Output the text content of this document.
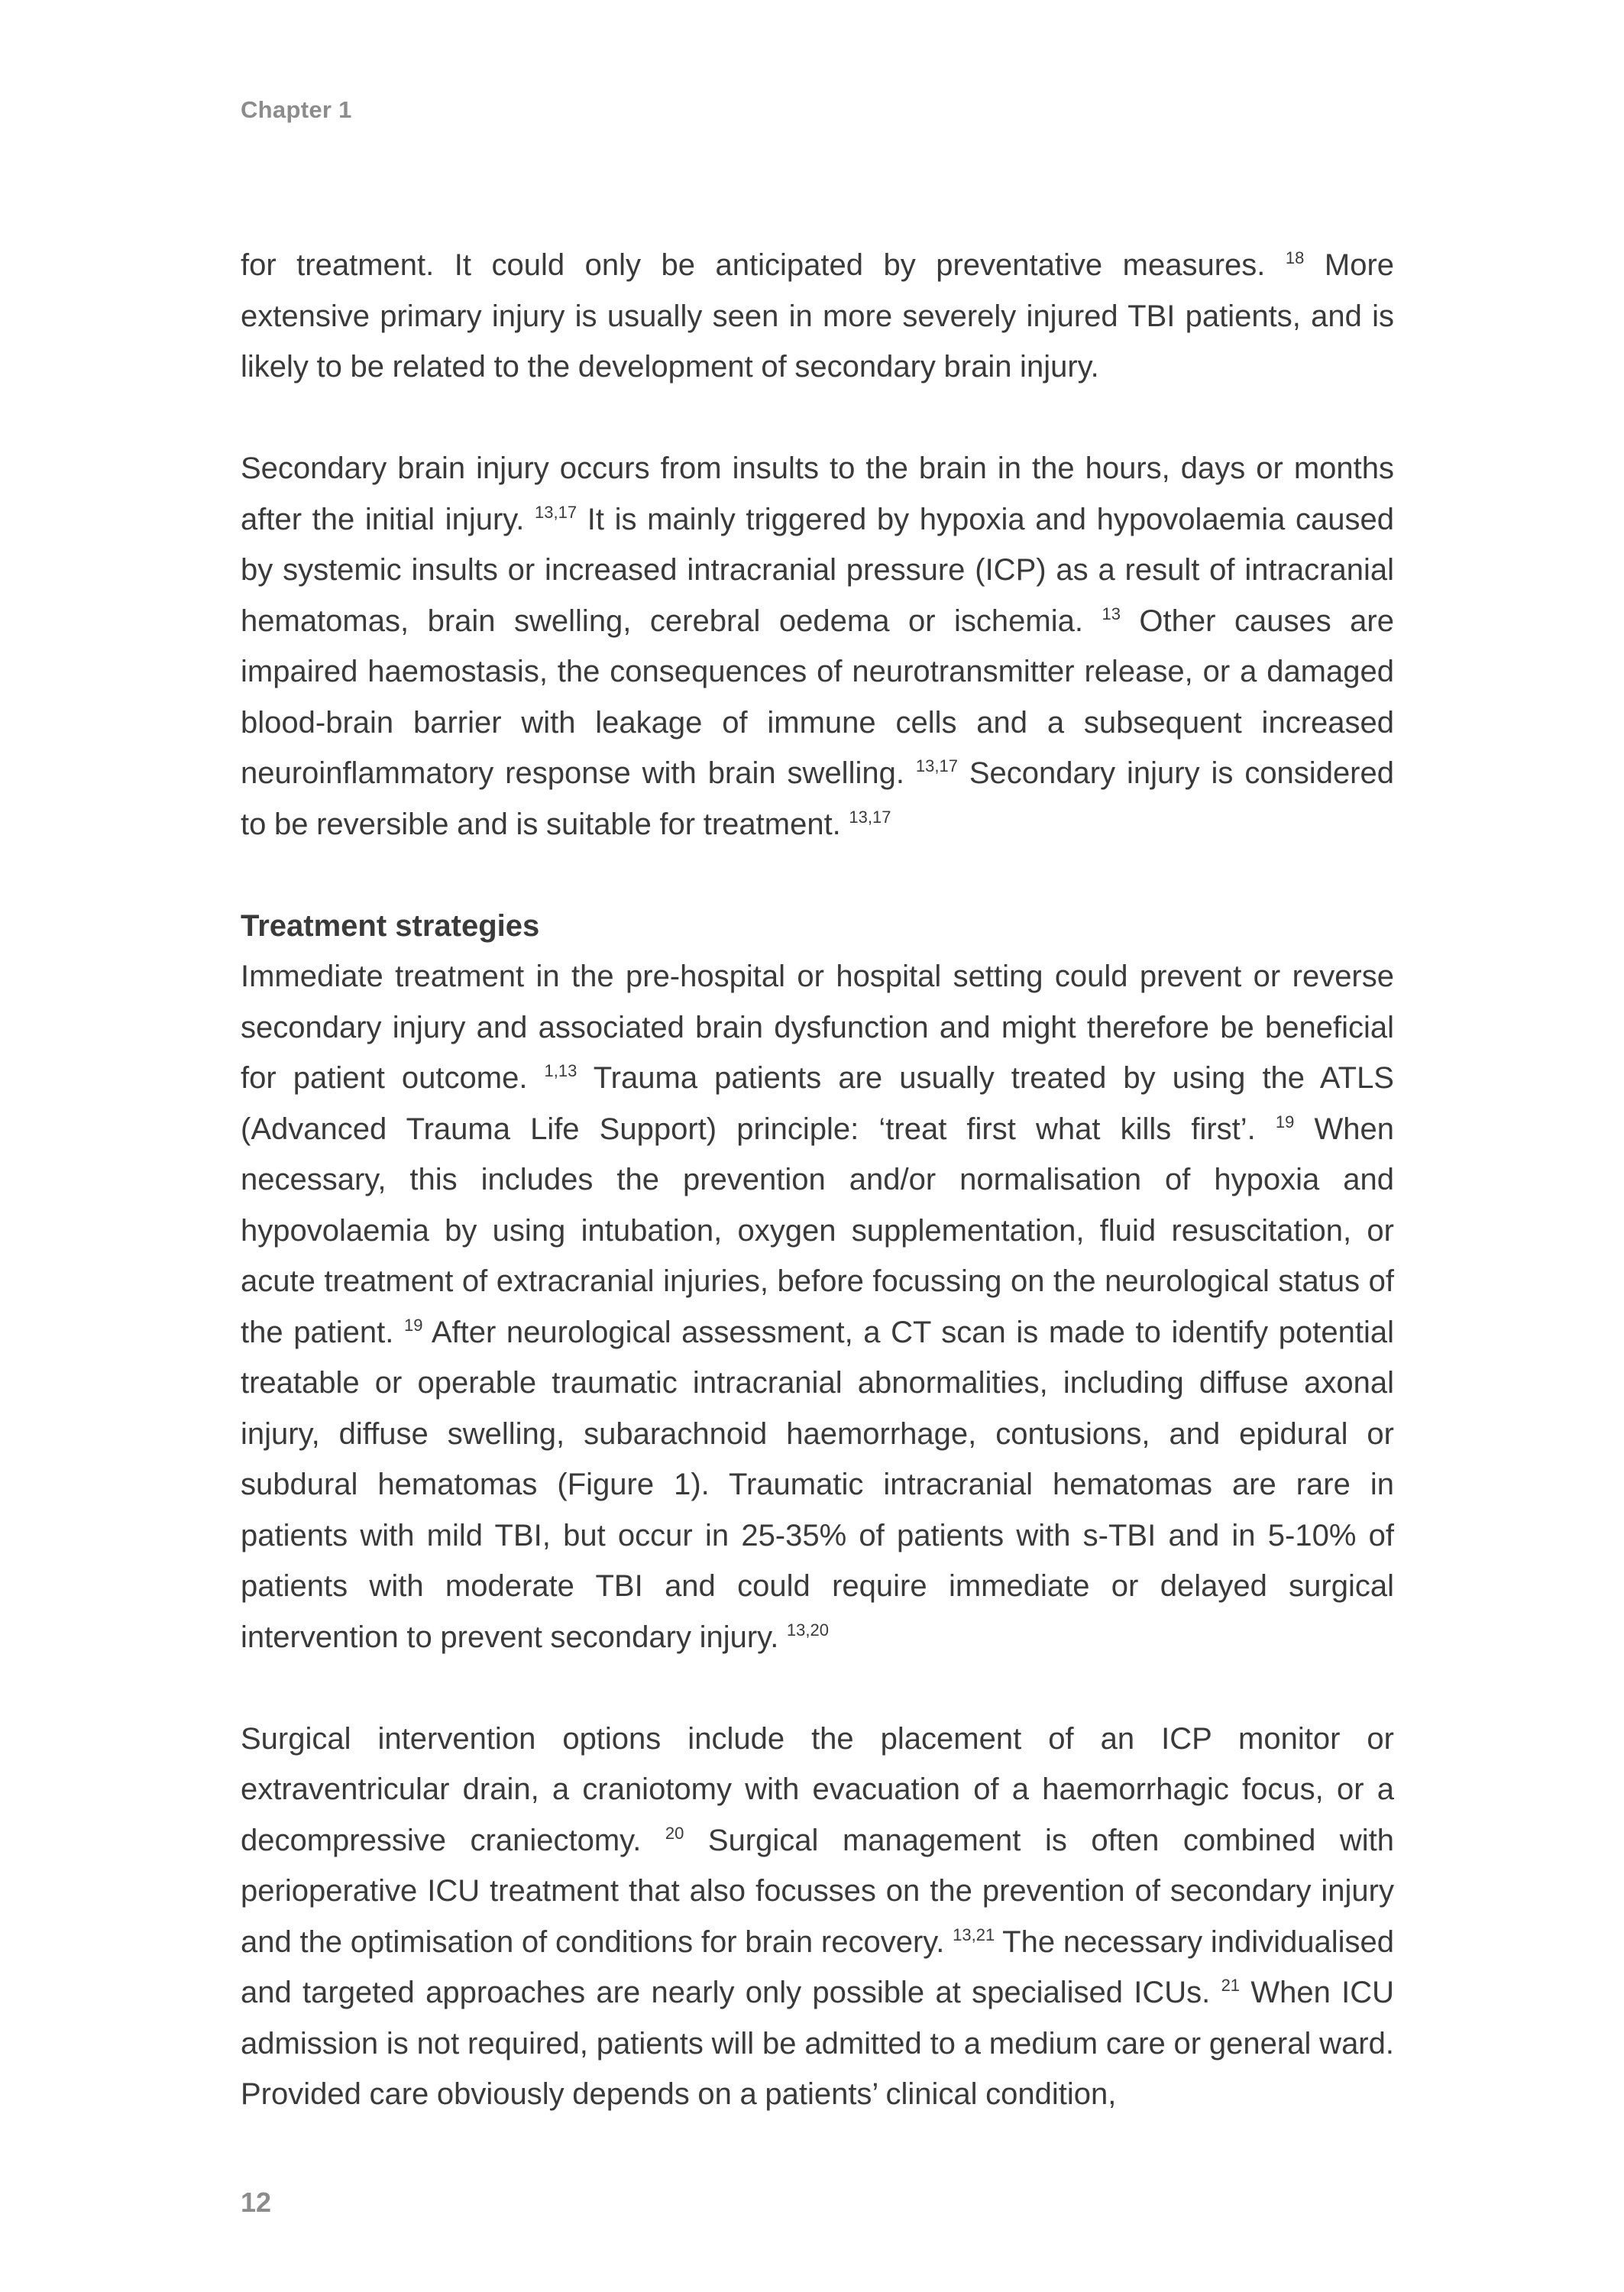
Chapter 1

for treatment. It could only be anticipated by preventative measures. $^{18}$ More extensive primary injury is usually seen in more severely injured TBI patients, and is likely to be related to the development of secondary brain injury.

Secondary brain injury occurs from insults to the brain in the hours, days or months after the initial injury. $^{13,17}$ It is mainly triggered by hypoxia and hypovolaemia caused by systemic insults or increased intracranial pressure (ICP) as a result of intracranial hematomas, brain swelling, cerebral oedema or ischemia. $^{13}$ Other causes are impaired haemostasis, the consequences of neurotransmitter release, or a damaged blood-brain barrier with leakage of immune cells and a subsequent increased neuroinflammatory response with brain swelling. $^{13,17}$ Secondary injury is considered to be reversible and is suitable for treatment. $^{13,17}$

Treatment strategies

Immediate treatment in the pre-hospital or hospital setting could prevent or reverse secondary injury and associated brain dysfunction and might therefore be beneficial for patient outcome. $^{1,13}$ Trauma patients are usually treated by using the ATLS (Advanced Trauma Life Support) principle: ‘treat first what kills first’. $^{19}$ When necessary, this includes the prevention and/or normalisation of hypoxia and hypovolaemia by using intubation, oxygen supplementation, fluid resuscitation, or acute treatment of extracranial injuries, before focussing on the neurological status of the patient. $^{19}$ After neurological assessment, a CT scan is made to identify potential treatable or operable traumatic intracranial abnormalities, including diffuse axonal injury, diffuse swelling, subarachnoid haemorrhage, contusions, and epidural or subdural hematomas (Figure 1). Traumatic intracranial hematomas are rare in patients with mild TBI, but occur in 25-35% of patients with s-TBI and in 5-10% of patients with moderate TBI and could require immediate or delayed surgical intervention to prevent secondary injury. $^{13,20}$

Surgical intervention options include the placement of an ICP monitor or extraventricular drain, a craniotomy with evacuation of a haemorrhagic focus, or a decompressive craniectomy. $^{20}$ Surgical management is often combined with perioperative ICU treatment that also focusses on the prevention of secondary injury and the optimisation of conditions for brain recovery. $^{13,21}$ The necessary individualised and targeted approaches are nearly only possible at specialised ICUs. $^{21}$ When ICU admission is not required, patients will be admitted to a medium care or general ward. Provided care obviously depends on a patients’ clinical condition,

12
